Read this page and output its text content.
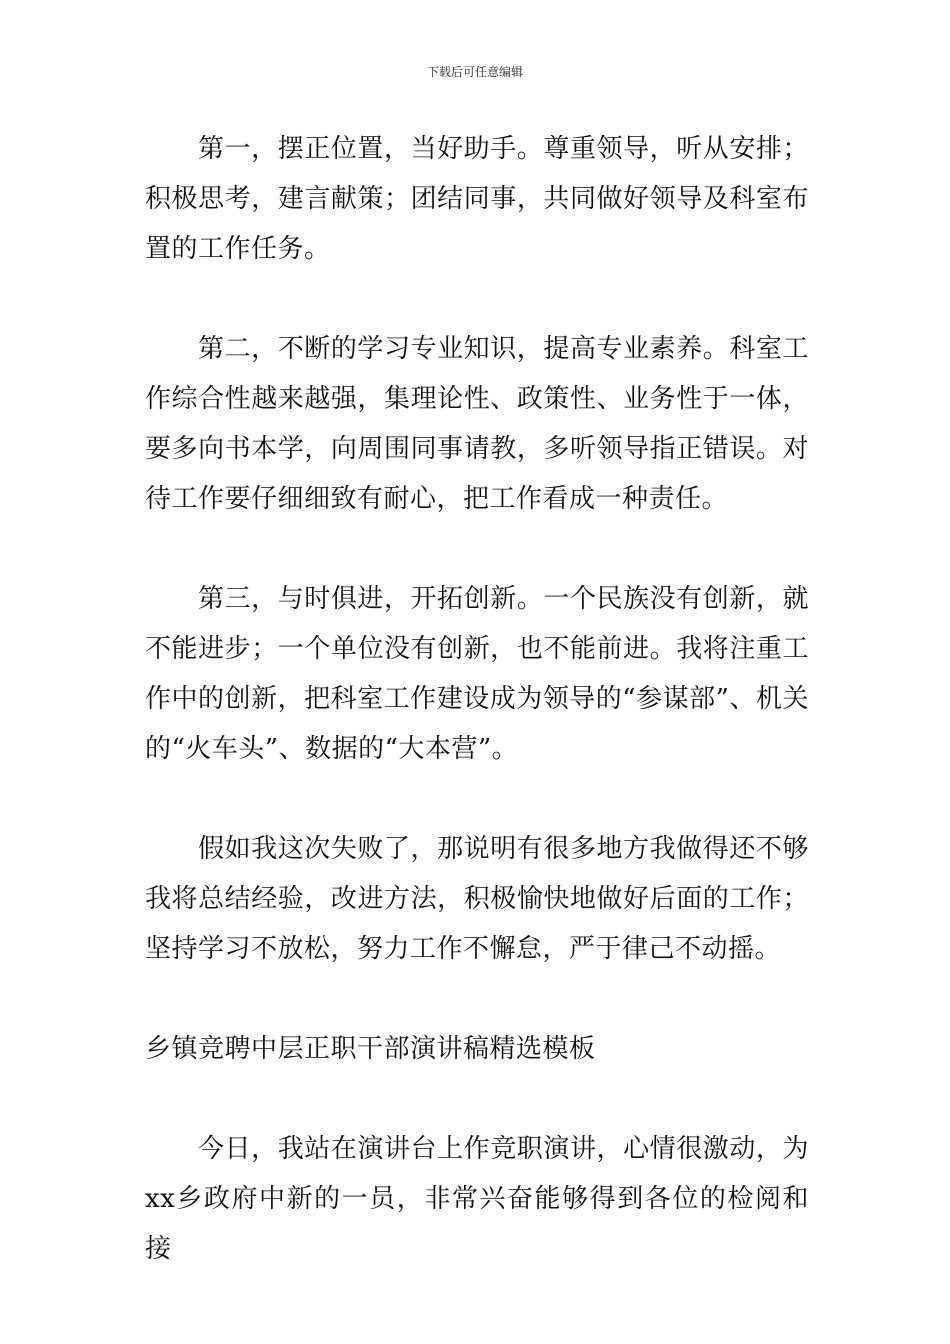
下载后可任意编辑

第一，摆正位置，当好助手。尊重领导，听从安排；积极思考，建言献策；团结同事，共同做好领导及科室布置的工作任务。

第二，不断的学习专业知识，提高专业素养。科室工作综合性越来越强，集理论性、政策性、业务性于一体，要多向书本学，向周围同事请教，多听领导指正错误。对待工作要仔细细致有耐心，把工作看成一种责任。

第三，与时俱进，开拓创新。一个民族没有创新，就不能进步；一个单位没有创新，也不能前进。我将注重工作中的创新，把科室工作建设成为领导的“参谋部”、机关的“火车头”、数据的“大本营”。

假如我这次失败了，那说明有很多地方我做得还不够我将总结经验，改进方法，积极愉快地做好后面的工作；坚持学习不放松，努力工作不懈怠，严于律己不动摇。

乡镇竞聘中层正职干部演讲稿精选模板

今日，我站在演讲台上作竞职演讲，心情很激动，为xx乡政府中新的一员，非常兴奋能够得到各位的检阅和接
